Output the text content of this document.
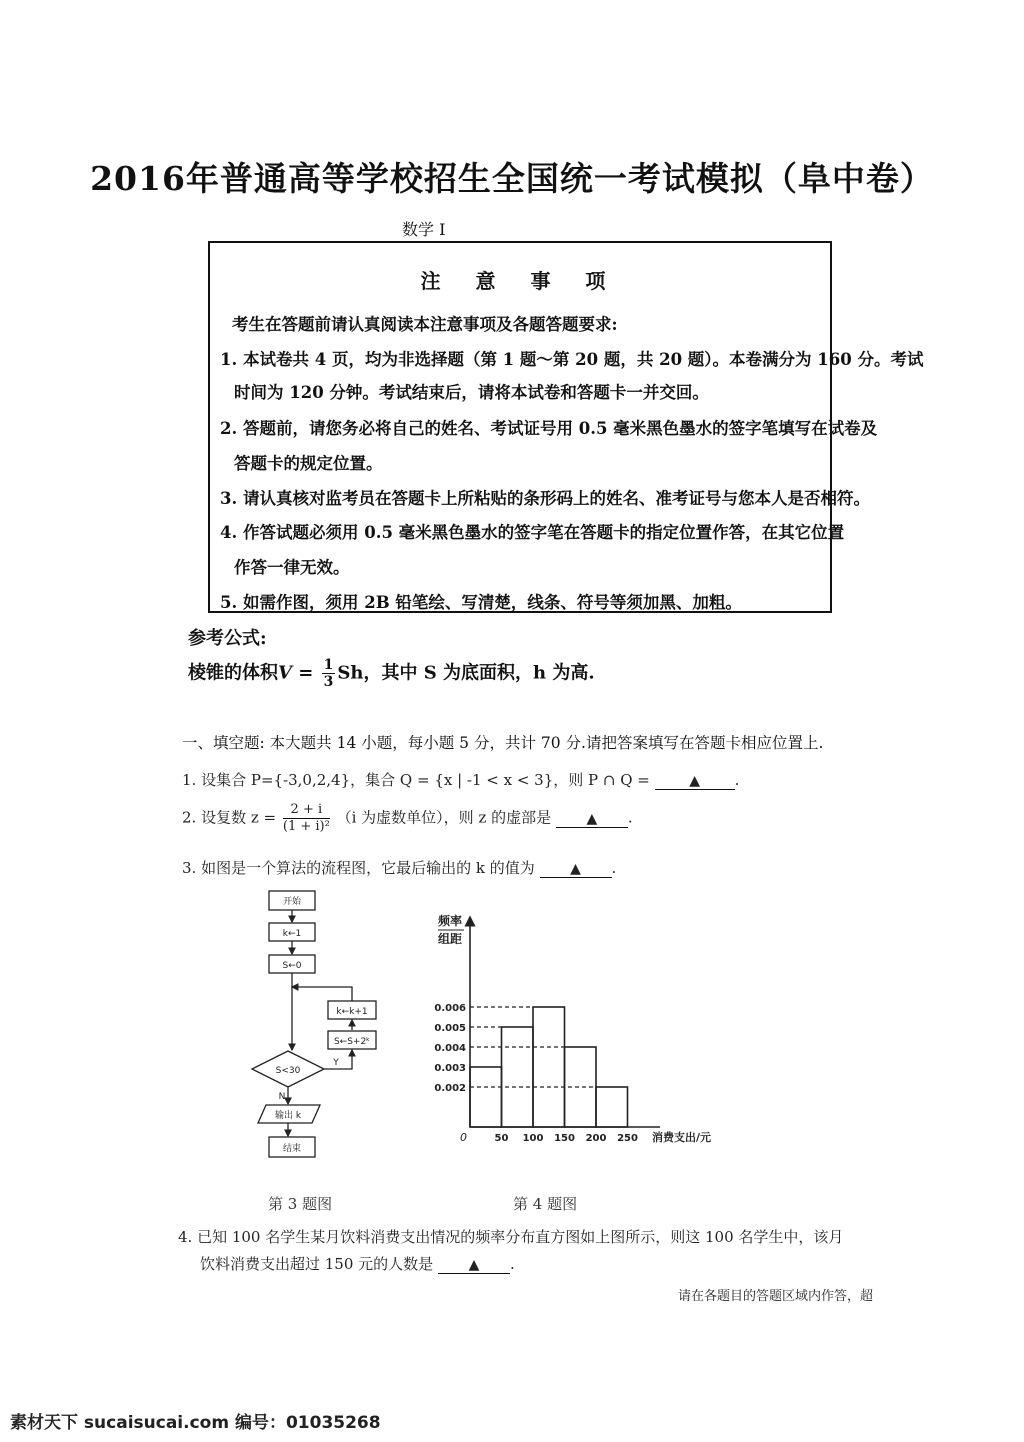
2016年普通高等学校招生全国统一考试模拟（阜中卷）
数学 I
注 意 事 项
考生在答题前请认真阅读本注意事项及各题答题要求:
1. 本试卷共 4 页，均为非选择题（第 1 题～第 20 题，共 20 题）。本卷满分为 160 分。考试
时间为 120 分钟。考试结束后，请将本试卷和答题卡一并交回。
2. 答题前，请您务必将自己的姓名、考试证号用 0.5 毫米黑色墨水的签字笔填写在试卷及
答题卡的规定位置。
3. 请认真核对监考员在答题卡上所粘贴的条形码上的姓名、准考证号与您本人是否相符。
4. 作答试题必须用 0.5 毫米黑色墨水的签字笔在答题卡的指定位置作答，在其它位置
作答一律无效。
5. 如需作图，须用 2B 铅笔绘、写清楚，线条、符号等须加黑、加粗。
参考公式:
棱锥的体积$V = \frac{1}{3}$ Sh，其中 S 为底面积，h 为高.
一、填空题: 本大题共 14 小题，每小题 5 分，共计 70 分.请把答案填写在答题卡相应位置上.
1. 设集合 P={-3,0,2,4}，集合 Q = {x | -1 < x < 3}，则 P ∩ Q =	▲ .
2. 设复数 $z = \frac{2 + i}{\text{(1 + i)²}} (i$ 为虚数单位），则 z 的虚部是	▲ .
3. 如图是一个算法的流程图，它最后输出的 k 的值为	▲ .
开始
k←1
S←0
k←k+1
S←S+2ᵏ
S<30
Y
N
输出 k
结束
频率
组距
0	消费支出/元
0.006
0.005
0.004
0.003
0.002
50 100 150 200 250
第 3 题图	第 4 题图
4. 已知 100 名学生某月饮料消费支出情况的频率分布直方图如上图所示，则这 100 名学生中，该月
饮料消费支出超过 150 元的人数是	▲ .
请在各题目的答题区域内作答，超
素材天下 sucaisucai.com 编号：01035268
